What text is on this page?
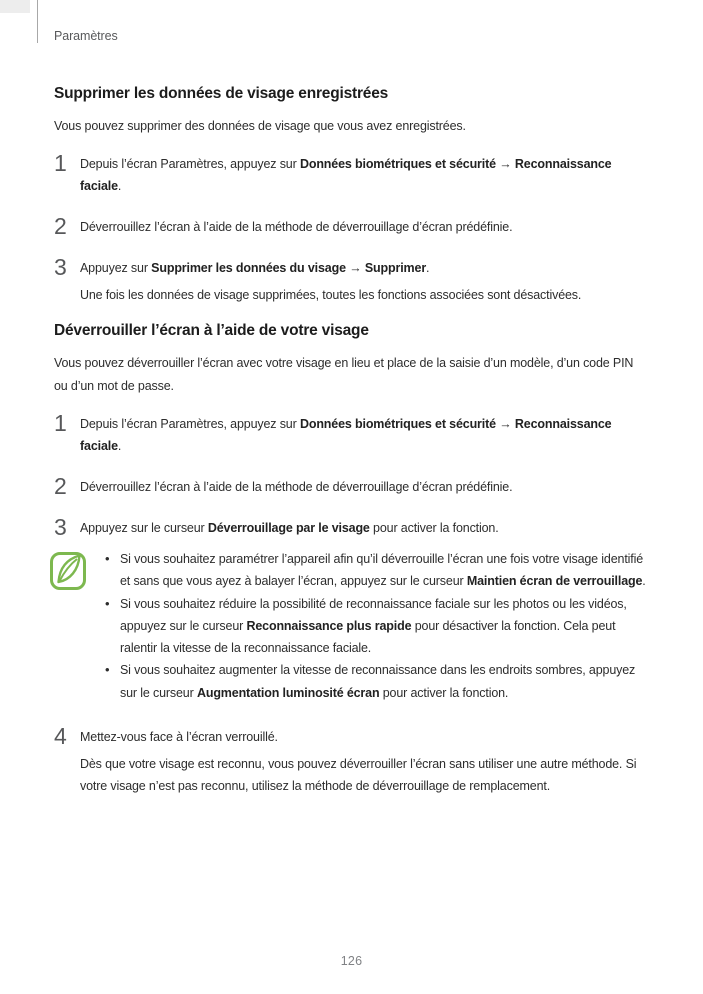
Paramètres
Supprimer les données de visage enregistrées

Vous pouvez supprimer des données de visage que vous avez enregistrées.

1	Depuis l’écran Paramètres, appuyez sur Données biométriques et sécurité → Reconnaissance faciale.

2	Déverrouillez l’écran à l’aide de la méthode de déverrouillage d’écran prédéfinie.

3	Appuyez sur Supprimer les données du visage → Supprimer.

Une fois les données de visage supprimées, toutes les fonctions associées sont désactivées.

Déverrouiller l’écran à l’aide de votre visage

Vous pouvez déverrouiller l’écran avec votre visage en lieu et place de la saisie d’un modèle, d’un code PIN ou d’un mot de passe.

1	Depuis l’écran Paramètres, appuyez sur Données biométriques et sécurité → Reconnaissance faciale.

2	Déverrouillez l’écran à l’aide de la méthode de déverrouillage d’écran prédéfinie.

3	Appuyez sur le curseur Déverrouillage par le visage pour activer la fonction.

• Si vous souhaitez paramétrer l’appareil afin qu’il déverrouille l’écran une fois votre visage identifié et sans que vous ayez à balayer l’écran, appuyez sur le curseur Maintien écran de verrouillage.

• Si vous souhaitez réduire la possibilité de reconnaissance faciale sur les photos ou les vidéos, appuyez sur le curseur Reconnaissance plus rapide pour désactiver la fonction. Cela peut ralentir la vitesse de la reconnaissance faciale.

• Si vous souhaitez augmenter la vitesse de reconnaissance dans les endroits sombres, appuyez sur le curseur Augmentation luminosité écran pour activer la fonction.

4	Mettez-vous face à l’écran verrouillé.

Dès que votre visage est reconnu, vous pouvez déverrouiller l’écran sans utiliser une autre méthode. Si votre visage n’est pas reconnu, utilisez la méthode de déverrouillage de remplacement.

126
